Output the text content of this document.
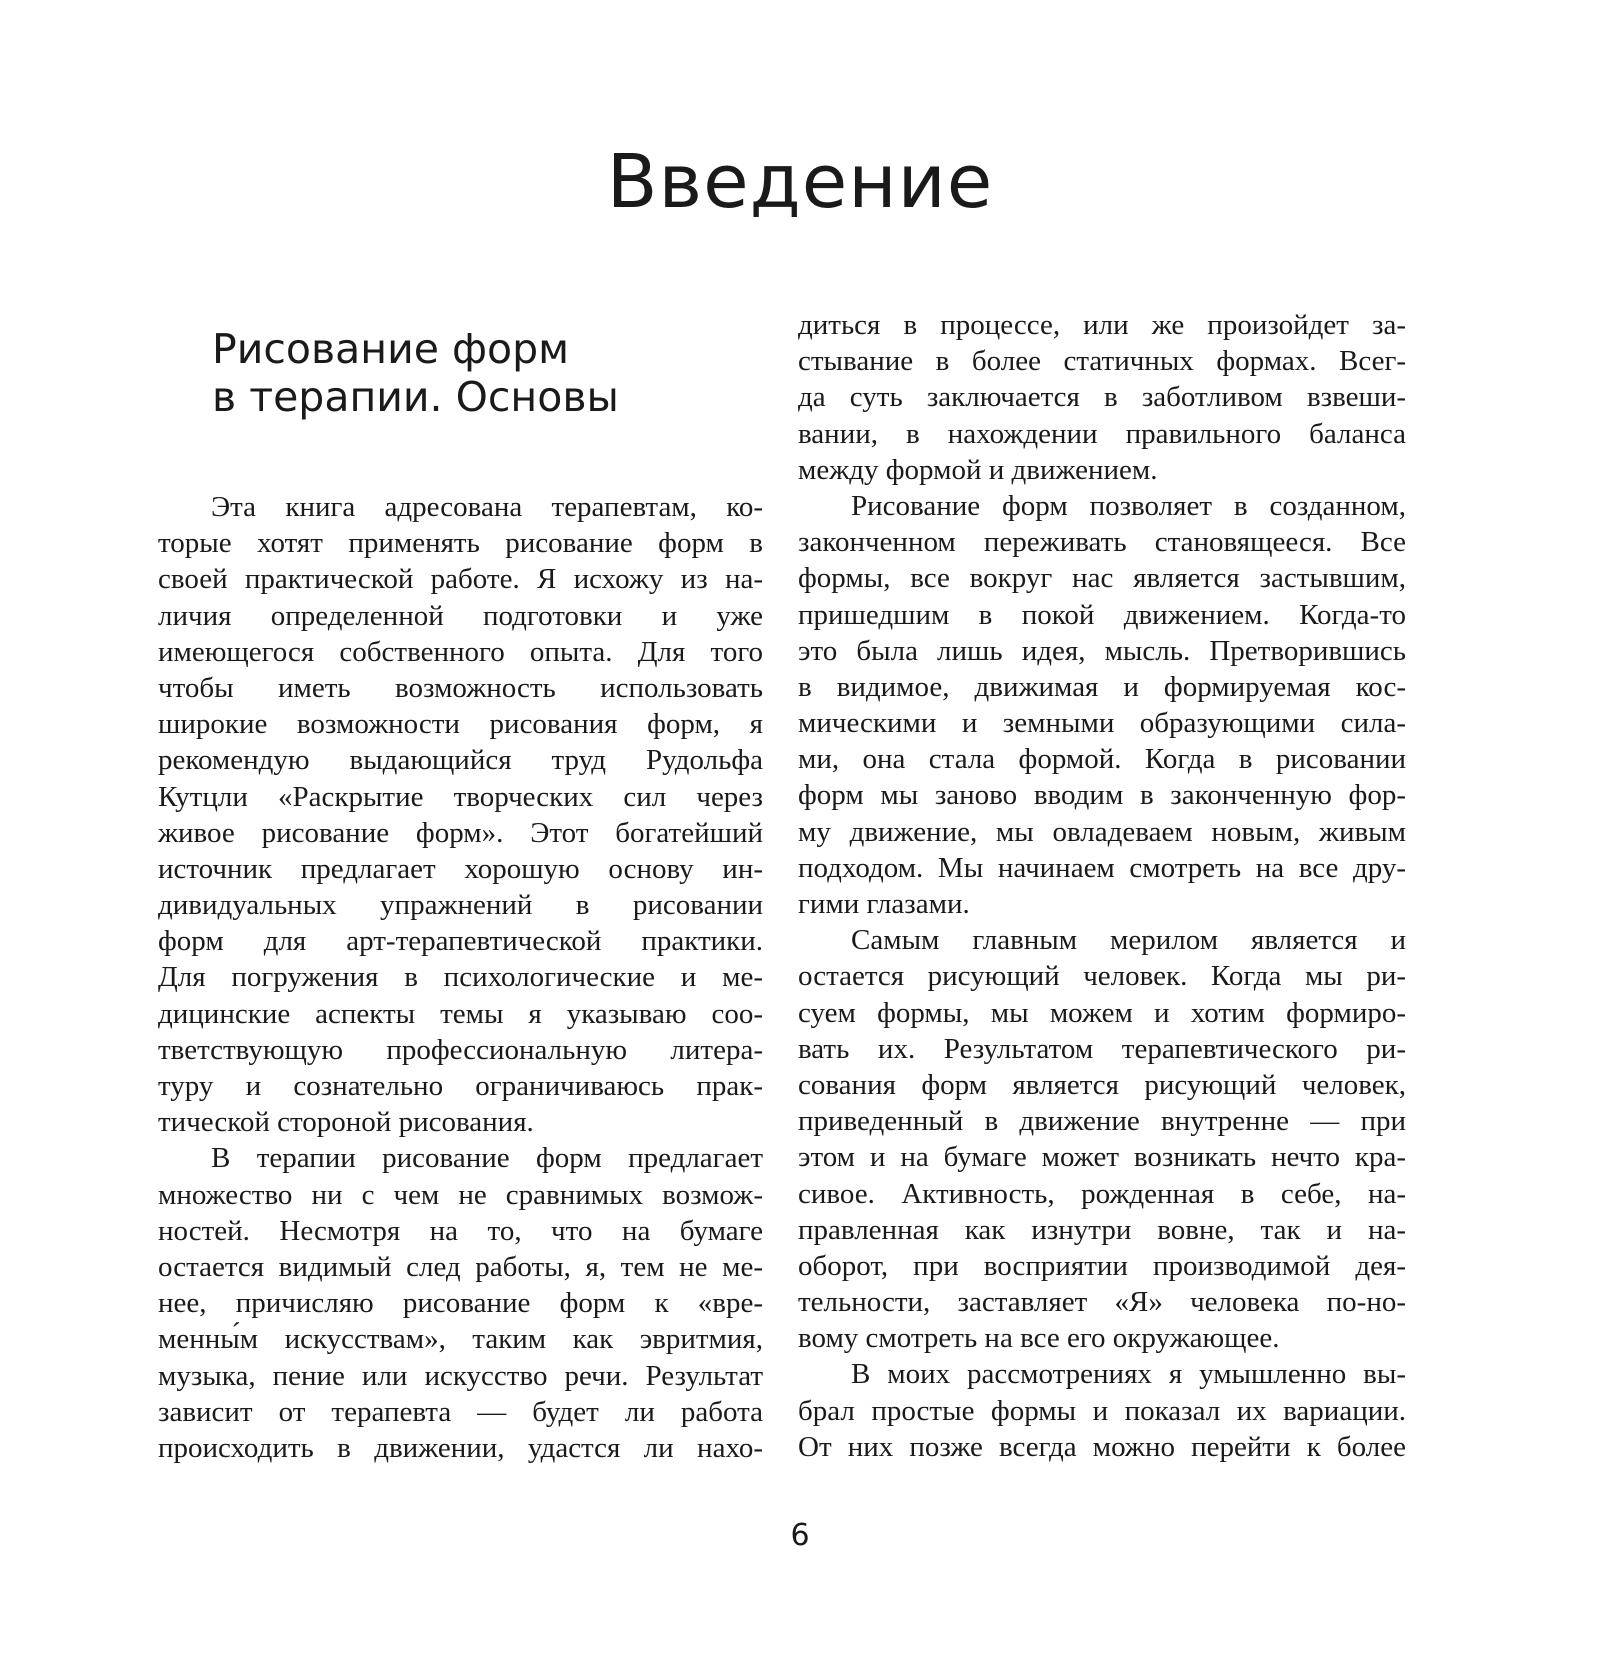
Введение
Рисование форм
в терапии. Основы
Эта книга адресована терапевтам, ко-
торые хотят применять рисование форм в
своей практической работе. Я исхожу из на-
личия определенной подготовки и уже
имеющегося собственного опыта. Для того
чтобы иметь возможность использовать
широкие возможности рисования форм, я
рекомендую выдающийся труд Рудольфа
Кутцли «Раскрытие творческих сил через
живое рисование форм». Этот богатейший
источник предлагает хорошую основу ин-
дивидуальных упражнений в рисовании
форм для арт-терапевтической практики.
Для погружения в психологические и ме-
дицинские аспекты темы я указываю соо-
тветствующую профессиональную литера-
туру и сознательно ограничиваюсь прак-
тической стороной рисования.
В терапии рисование форм предлагает
множество ни с чем не сравнимых возмож-
ностей. Несмотря на то, что на бумаге
остается видимый след работы, я, тем не ме-
нее, причисляю рисование форм к «вре-
менны́м искусствам», таким как эвритмия,
музыка, пение или искусство речи. Результат
зависит от терапевта — будет ли работа
происходить в движении, удастся ли нахо-
диться в процессе, или же произойдет за-
стывание в более статичных формах. Всег-
да суть заключается в заботливом взвеши-
вании, в нахождении правильного баланса
между формой и движением.
Рисование форм позволяет в созданном,
законченном переживать становящееся. Все
формы, все вокруг нас является застывшим,
пришедшим в покой движением. Когда-то
это была лишь идея, мысль. Претворившись
в видимое, движимая и формируемая кос-
мическими и земными образующими сила-
ми, она стала формой. Когда в рисовании
форм мы заново вводим в законченную фор-
му движение, мы овладеваем новым, живым
подходом. Мы начинаем смотреть на все дру-
гими глазами.
Самым главным мерилом является и
остается рисующий человек. Когда мы ри-
суем формы, мы можем и хотим формиро-
вать их. Результатом терапевтического ри-
сования форм является рисующий человек,
приведенный в движение внутренне — при
этом и на бумаге может возникать нечто кра-
сивое. Активность, рожденная в себе, на-
правленная как изнутри вовне, так и на-
оборот, при восприятии производимой дея-
тельности, заставляет «Я» человека по-но-
вому смотреть на все его окружающее.
В моих рассмотрениях я умышленно вы-
брал простые формы и показал их вариации.
От них позже всегда можно перейти к более
6
